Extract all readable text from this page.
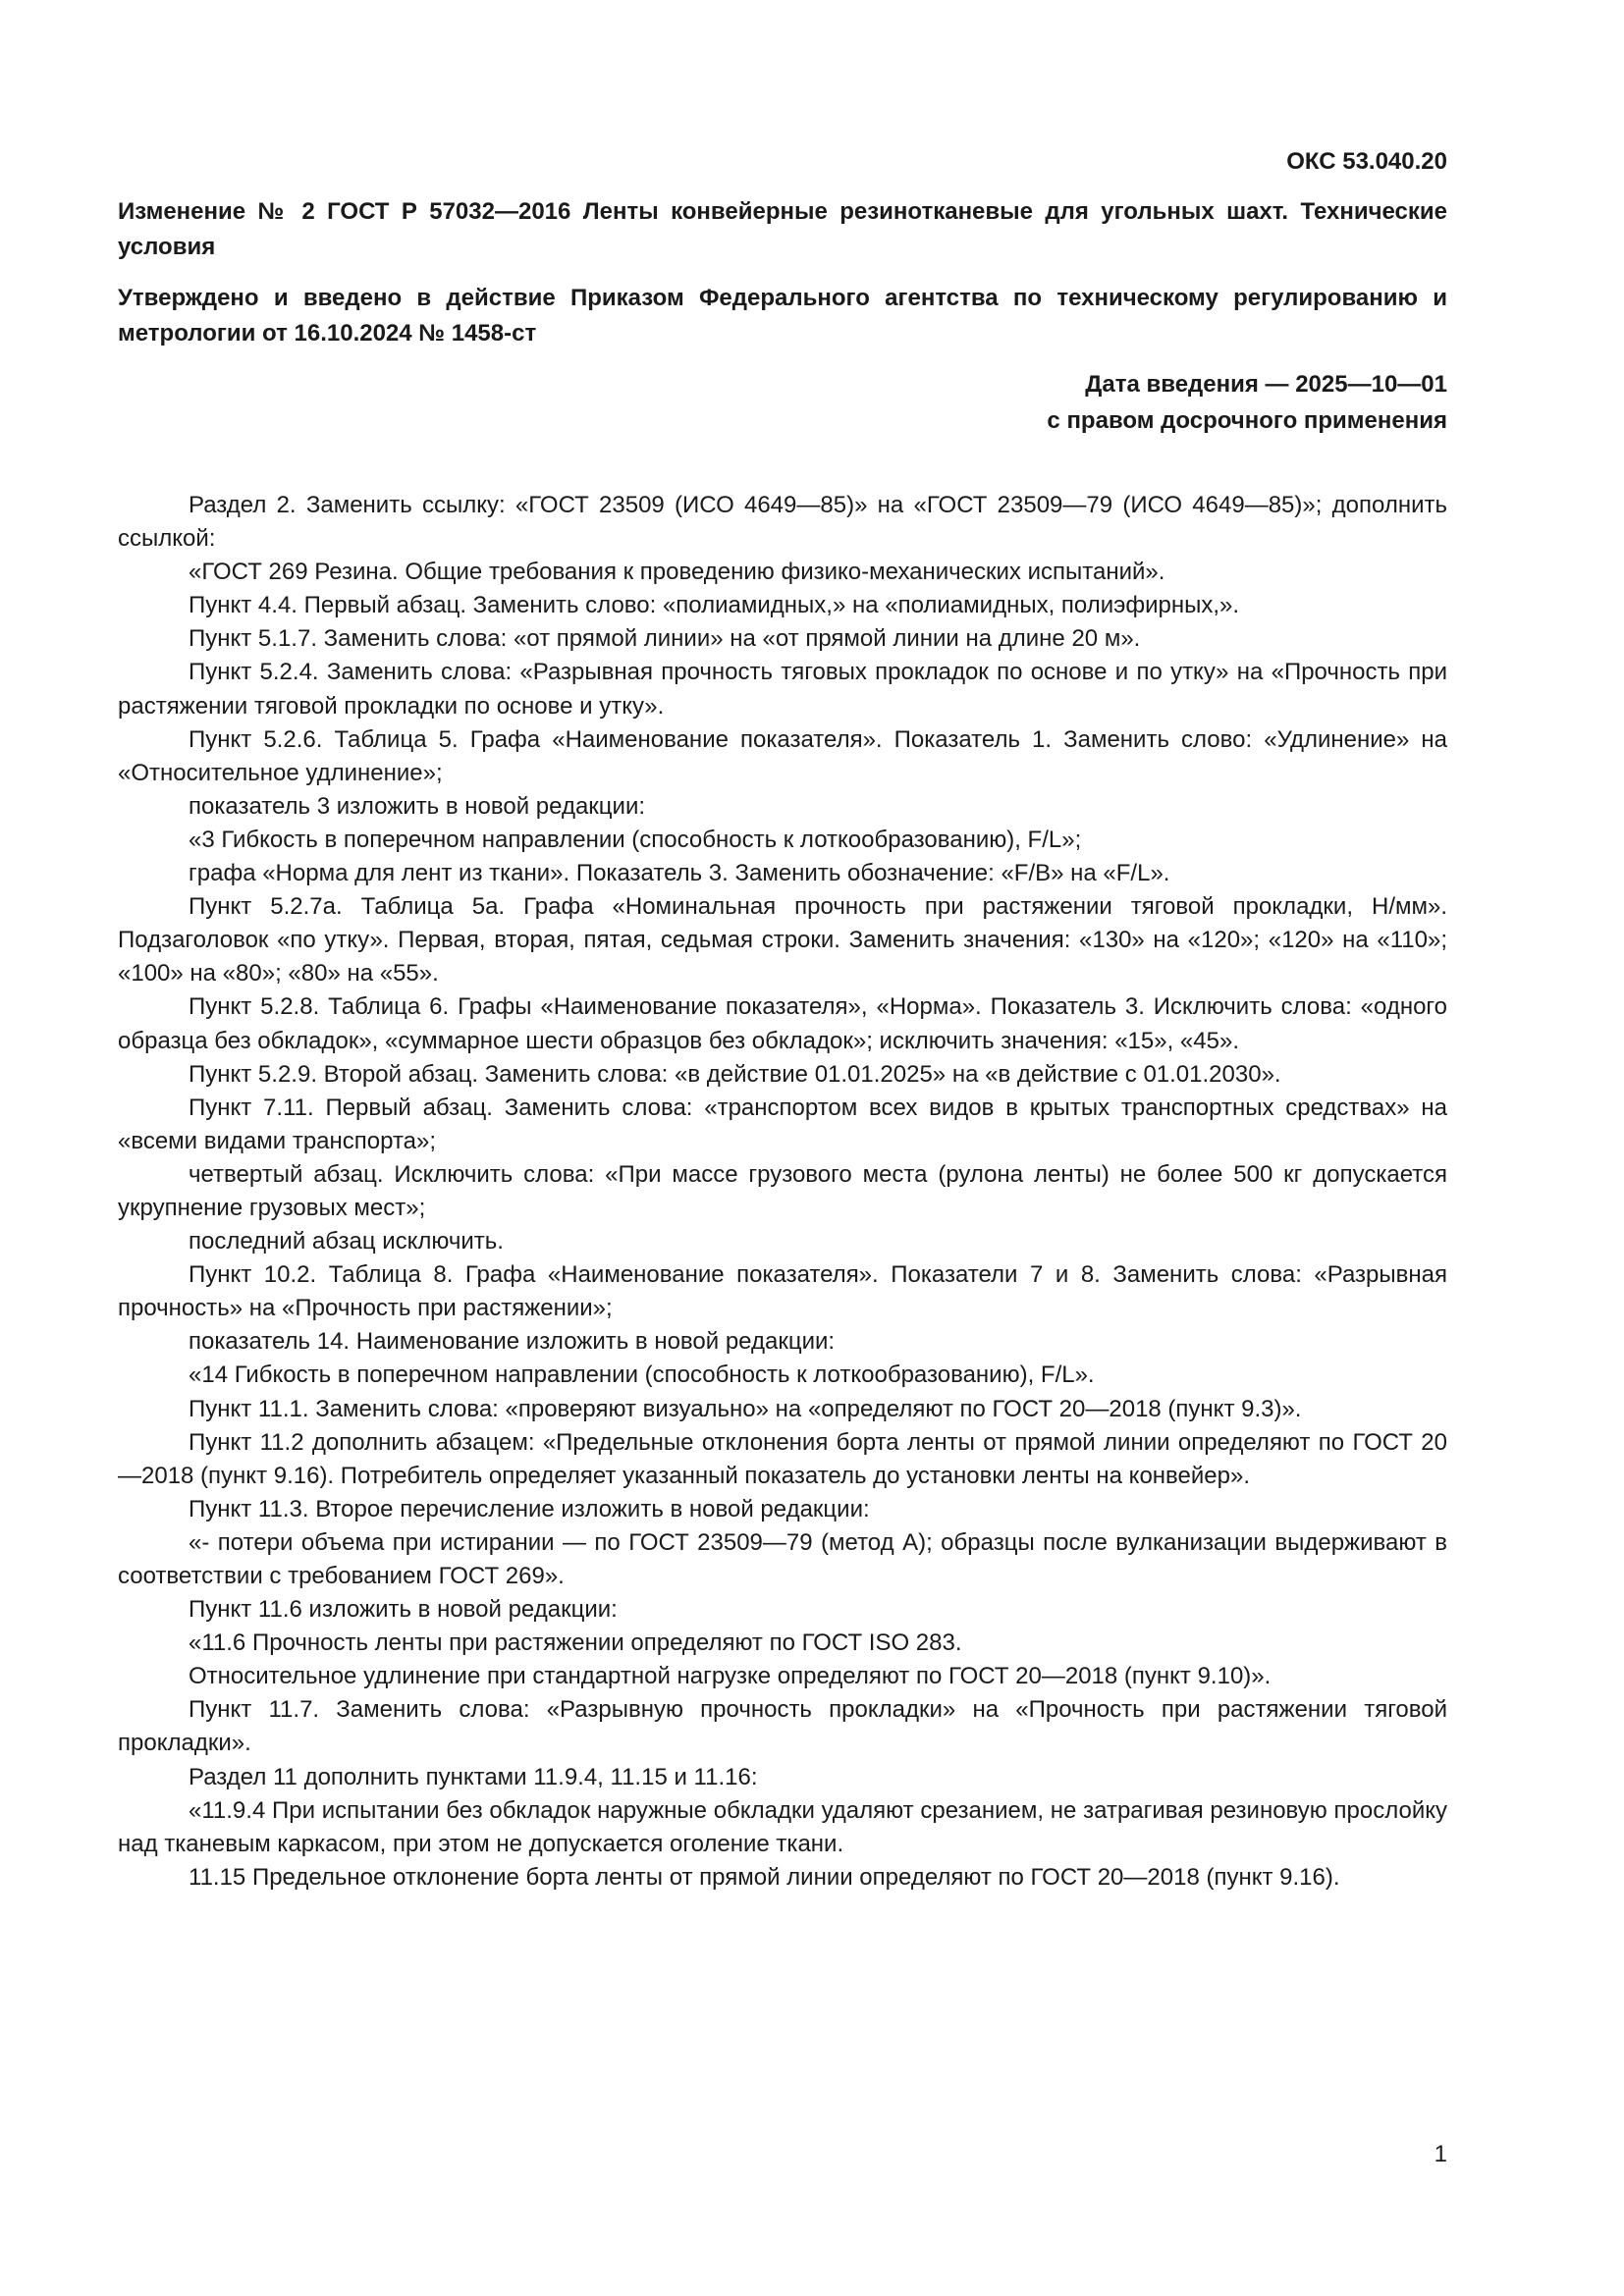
ОКС 53.040.20
Изменение № 2 ГОСТ Р 57032—2016 Ленты конвейерные резинотканевые для угольных шахт. Технические условия
Утверждено и введено в действие Приказом Федерального агентства по техническому регулированию и метрологии от 16.10.2024 № 1458-ст
Дата введения — 2025—10—01
с правом досрочного применения

Раздел 2. Заменить ссылку: «ГОСТ 23509 (ИСО 4649—85)» на «ГОСТ 23509—79 (ИСО 4649—85)»; дополнить ссылкой:

«ГОСТ 269 Резина. Общие требования к проведению физико-механических испытаний».

Пункт 4.4. Первый абзац. Заменить слово: «полиамидных,» на «полиамидных, полиэфирных,».

Пункт 5.1.7. Заменить слова: «от прямой линии» на «от прямой линии на длине 20 м».

Пункт 5.2.4. Заменить слова: «Разрывная прочность тяговых прокладок по основе и по утку» на «Прочность при растяжении тяговой прокладки по основе и утку».

Пункт 5.2.6. Таблица 5. Графа «Наименование показателя». Показатель 1. Заменить слово: «Удлинение» на «Относительное удлинение»;

показатель 3 изложить в новой редакции:

«3 Гибкость в поперечном направлении (способность к лоткообразованию), F/L»;

графа «Норма для лент из ткани». Показатель 3. Заменить обозначение: «F/B» на «F/L».

Пункт 5.2.7а. Таблица 5а. Графа «Номинальная прочность при растяжении тяговой прокладки, Н/мм». Подзаголовок «по утку». Первая, вторая, пятая, седьмая строки. Заменить значения: «130» на «120»; «120» на «110»; «100» на «80»; «80» на «55».

Пункт 5.2.8. Таблица 6. Графы «Наименование показателя», «Норма». Показатель 3. Исключить слова: «одного образца без обкладок», «суммарное шести образцов без обкладок»; исключить значения: «15», «45».

Пункт 5.2.9. Второй абзац. Заменить слова: «в действие 01.01.2025» на «в действие с 01.01.2030».

Пункт 7.11. Первый абзац. Заменить слова: «транспортом всех видов в крытых транспортных средствах» на «всеми видами транспорта»;

четвертый абзац. Исключить слова: «При массе грузового места (рулона ленты) не более 500 кг допускается укрупнение грузовых мест»;

последний абзац исключить.

Пункт 10.2. Таблица 8. Графа «Наименование показателя». Показатели 7 и 8. Заменить слова: «Разрывная прочность» на «Прочность при растяжении»;

показатель 14. Наименование изложить в новой редакции:

«14 Гибкость в поперечном направлении (способность к лоткообразованию), F/L».

Пункт 11.1. Заменить слова: «проверяют визуально» на «определяют по ГОСТ 20—2018 (пункт 9.3)».

Пункт 11.2 дополнить абзацем: «Предельные отклонения борта ленты от прямой линии определяют по ГОСТ 20—2018 (пункт 9.16). Потребитель определяет указанный показатель до установки ленты на конвейер».

Пункт 11.3. Второе перечисление изложить в новой редакции:

«- потери объема при истирании — по ГОСТ 23509—79 (метод А); образцы после вулканизации выдерживают в соответствии с требованием ГОСТ 269».

Пункт 11.6 изложить в новой редакции:

«11.6 Прочность ленты при растяжении определяют по ГОСТ ISO 283.

Относительное удлинение при стандартной нагрузке определяют по ГОСТ 20—2018 (пункт 9.10)».

Пункт 11.7. Заменить слова: «Разрывную прочность прокладки» на «Прочность при растяжении тяговой прокладки».

Раздел 11 дополнить пунктами 11.9.4, 11.15 и 11.16:

«11.9.4 При испытании без обкладок наружные обкладки удаляют срезанием, не затрагивая резиновую прослойку над тканевым каркасом, при этом не допускается оголение ткани.

11.15 Предельное отклонение борта ленты от прямой линии определяют по ГОСТ 20—2018 (пункт 9.16).

1
